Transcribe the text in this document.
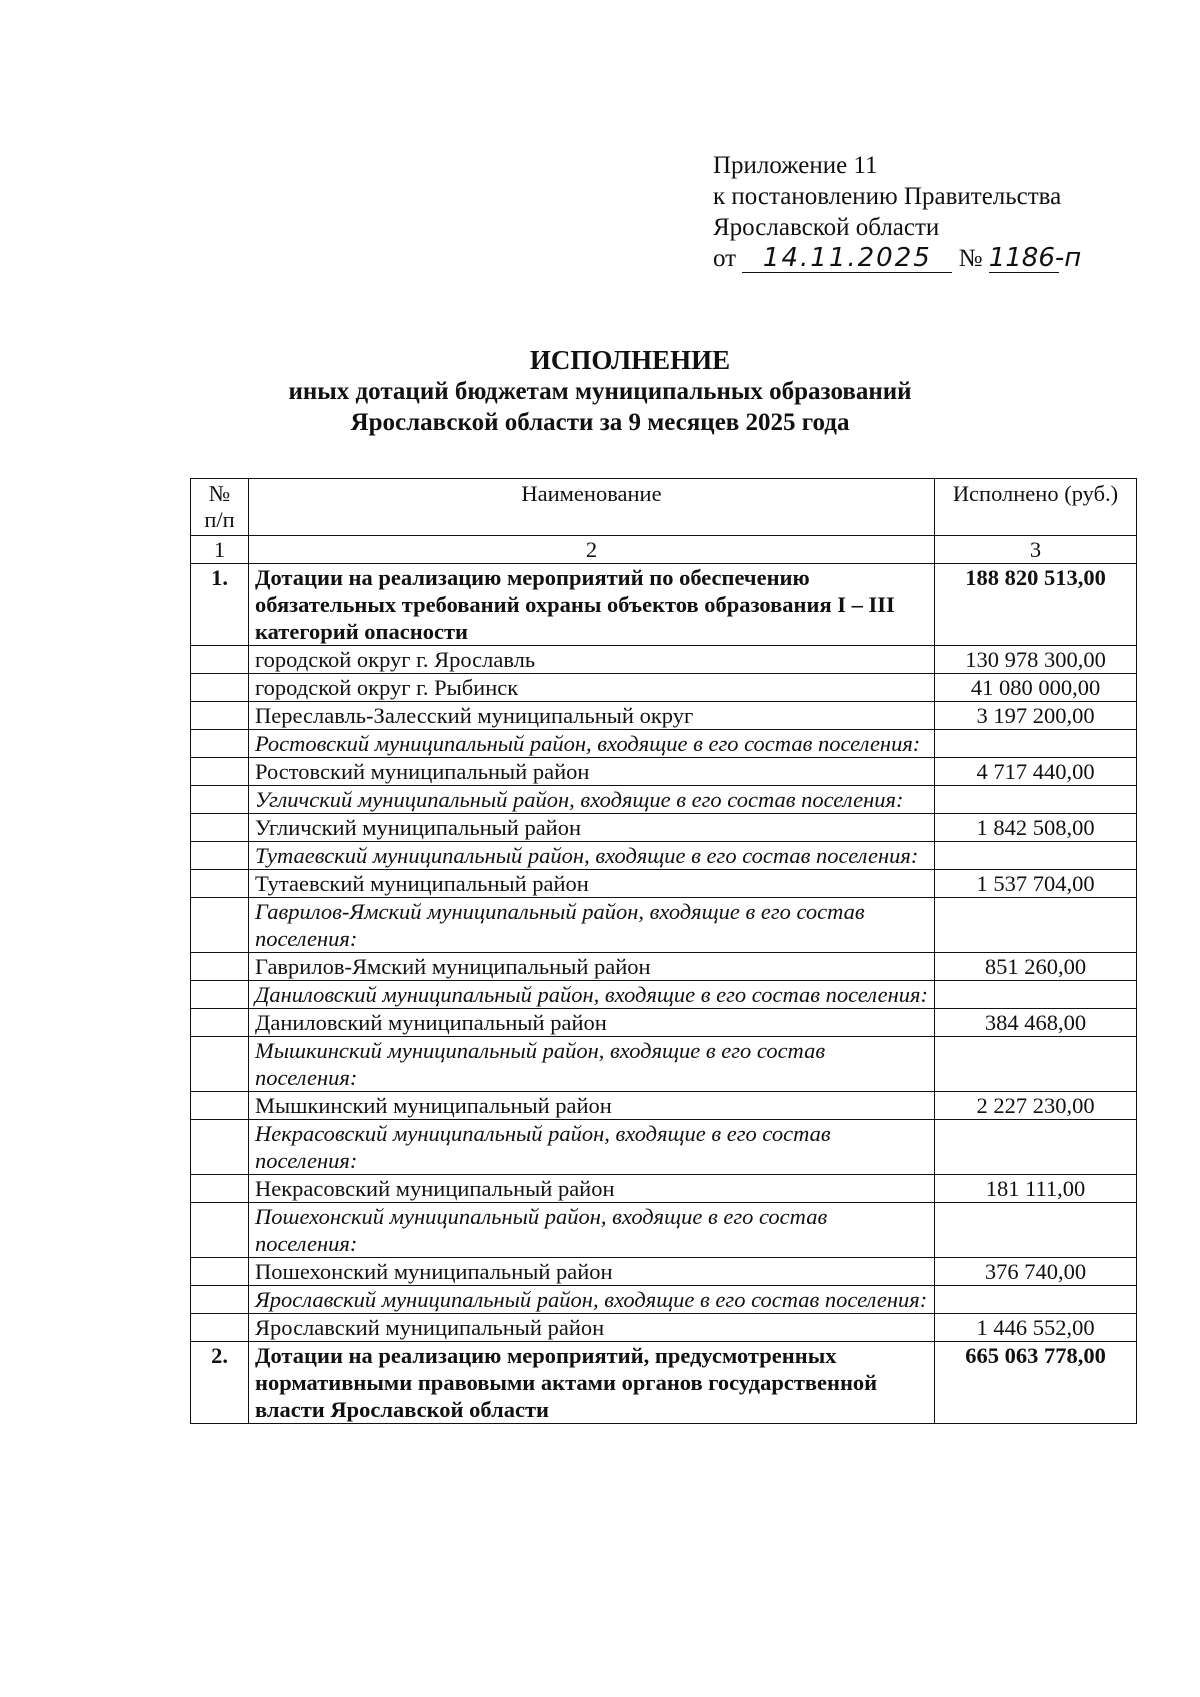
Приложение 11
к постановлению Правительства
Ярославской области
от 14.11.2025 № 1186-п
ИСПОЛНЕНИЕ
иных дотаций бюджетам муниципальных образований
Ярославской области за 9 месяцев 2025 года
№ п/п	Наименование	Исполнено (руб.)
1	2	3
1.	Дотации на реализацию мероприятий по обеспечению обязательных требований охраны объектов образования I – III категорий опасности	188 820 513,00
	городской округ г. Ярославль	130 978 300,00
	городской округ г. Рыбинск	41 080 000,00
	Переславль-Залесский муниципальный округ	3 197 200,00
	Ростовский муниципальный район, входящие в его состав поселения:	
	Ростовский муниципальный район	4 717 440,00
	Угличский муниципальный район, входящие в его состав поселения:	
	Угличский муниципальный район	1 842 508,00
	Тутаевский муниципальный район, входящие в его состав поселения:	
	Тутаевский муниципальный район	1 537 704,00
	Гаврилов-Ямский муниципальный район, входящие в его состав поселения:	
	Гаврилов-Ямский муниципальный район	851 260,00
	Даниловский муниципальный район, входящие в его состав поселения:	
	Даниловский муниципальный район	384 468,00
	Мышкинский муниципальный район, входящие в его состав поселения:	
	Мышкинский муниципальный район	2 227 230,00
	Некрасовский муниципальный район, входящие в его состав поселения:	
	Некрасовский муниципальный район	181 111,00
	Пошехонский муниципальный район, входящие в его состав поселения:	
	Пошехонский муниципальный район	376 740,00
	Ярославский муниципальный район, входящие в его состав поселения:	
	Ярославский муниципальный район	1 446 552,00
2.	Дотации на реализацию мероприятий, предусмотренных нормативными правовыми актами органов государственной власти Ярославской области	665 063 778,00
